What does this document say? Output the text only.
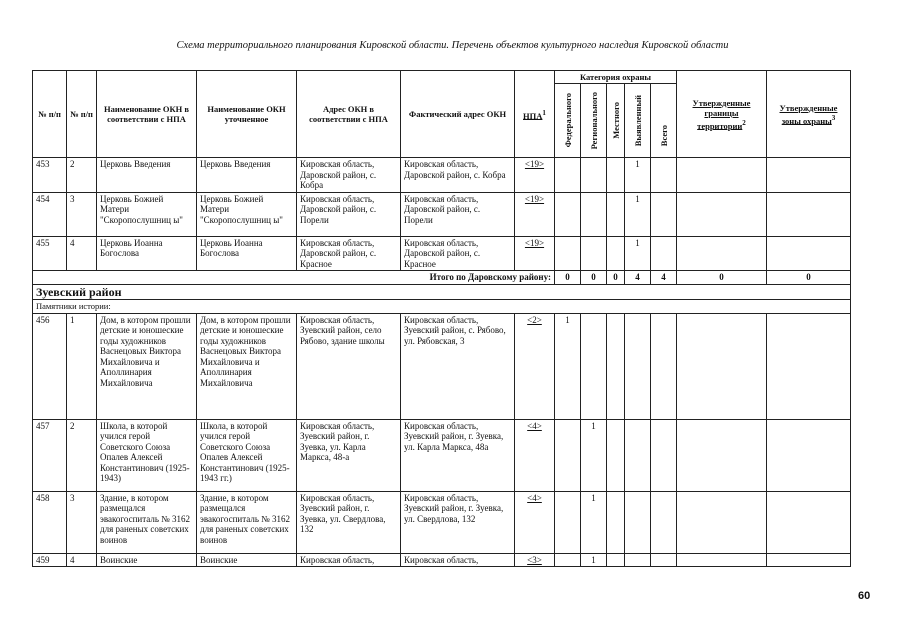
Схема территориального планирования Кировской области. Перечень объектов культурного наследия Кировской области
№ п/п	№ п/п	Наименование ОКН в соответствии с НПА	Наименование ОКН уточненное	Адрес ОКН в соответствии с НПА	Фактический адрес ОКН	НПА$^1$	Категория охраны					Утвержденные границы территории$^2$	Утвержденные зоны охраны$^3$

							Федерального	Регионального	Местного	Выявленный	Всего		

453	2	Церковь Введения	Церковь Введения	Кировская область, Даровской район, с. Кобра	Кировская область, Даровской район, с. Кобра	<19>				1			
454	3	Церковь Божией Матери "Скоропослушниц ы"	Церковь Божией Матери "Скоропослушниц ы"	Кировская область, Даровской район, с. Порели	Кировская область, Даровской район, с. Порели	<19>				1			
455	4	Церковь Иоанна Богослова	Церковь Иоанна Богослова	Кировская область, Даровской район, с. Красное	Кировская область, Даровской район, с. Красное	<19>				1			
Итого по Даровскому району:							0	0	0	4	4	0	0
Зуевский район													
Памятники истории:													
456	1	Дом, в котором прошли детские и юношеские годы художников Васнецовых Виктора Михайловича и Аполлинария Михайловича	Дом, в котором прошли детские и юношеские годы художников Васнецовых Виктора Михайловича и Аполлинария Михайловича	Кировская область, Зуевский район, село Рябово, здание школы	Кировская область, Зуевский район, с. Рябово, ул. Рябовская, 3	<2>	1						
457	2	Школа, в которой учился герой Советского Союза Опалев Алексей Константинович (1925-1943)	Школа, в которой учился герой Советского Союза Опалев Алексей Константинович (1925-1943 гг.)	Кировская область, Зуевский район, г. Зуевка, ул. Карла Маркса, 48-а	Кировская область, Зуевский район, г. Зуевка, ул. Карла Маркса, 48а	<4>		1					
458	3	Здание, в котором размещался эвакогоспиталь № 3162 для раненых советских воинов	Здание, в котором размещался эвакогоспиталь № 3162 для раненых советских воинов	Кировская область, Зуевский район, г. Зуевка, ул. Свердлова, 132	Кировская область, Зуевский район, г. Зуевка, ул. Свердлова, 132	<4>		1					
459	4	Воинские	Воинские	Кировская область,	Кировская область,	<3>		1					
60
